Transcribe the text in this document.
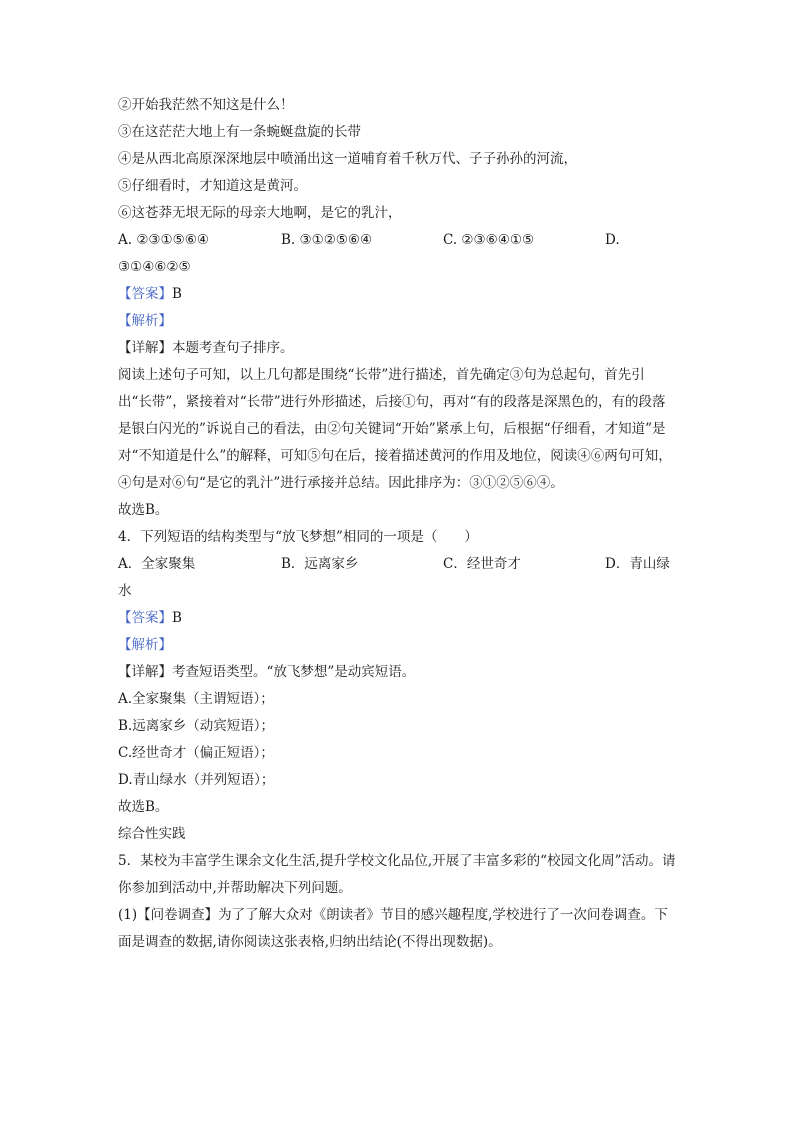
②开始我茫然不知这是什么！
③在这茫茫大地上有一条蜿蜒盘旋的长带
④是从西北高原深深地层中喷涌出这一道哺育着千秋万代、子子孙孙的河流，
⑤仔细看时，才知道这是黄河。
⑥这苍莽无垠无际的母亲大地啊，是它的乳汁，
A. ②③①⑤⑥④	B. ③①②⑤⑥④	C. ②③⑥④①⑤	D.
③①④⑥②⑤
【答案】B
【解析】
【详解】本题考查句子排序。
阅读上述句子可知，以上几句都是围绕“长带”进行描述，首先确定③句为总起句，首先引出“长带”，紧接着对“长带”进行外形描述，后接①句，再对“有的段落是深黑色的，有的段落是银白闪光的”诉说自己的看法，由②句关键词“开始”紧承上句，后根据“仔细看，才知道”是对“不知道是什么”的解释，可知⑤句在后，接着描述黄河的作用及地位，阅读④⑥两句可知，④句是对⑥句“是它的乳汁”进行承接并总结。因此排序为：③①②⑤⑥④。
故选B。
4．下列短语的结构类型与“放飞梦想”相同的一项是（　　）
A．全家聚集	B．远离家乡	C．经世奇才	D．青山绿
水
【答案】B
【解析】
【详解】考查短语类型。“放飞梦想”是动宾短语。
A.全家聚集（主谓短语）；
B.远离家乡（动宾短语）；
C.经世奇才（偏正短语）；
D.青山绿水（并列短语）；
故选B。
综合性实践
5．某校为丰富学生课余文化生活,提升学校文化品位,开展了丰富多彩的“校园文化周”活动。请你参加到活动中,并帮助解决下列问题。
(1)【问卷调查】为了了解大众对《朗读者》节目的感兴趣程度,学校进行了一次问卷调查。下面是调查的数据,请你阅读这张表格,归纳出结论(不得出现数据)。
